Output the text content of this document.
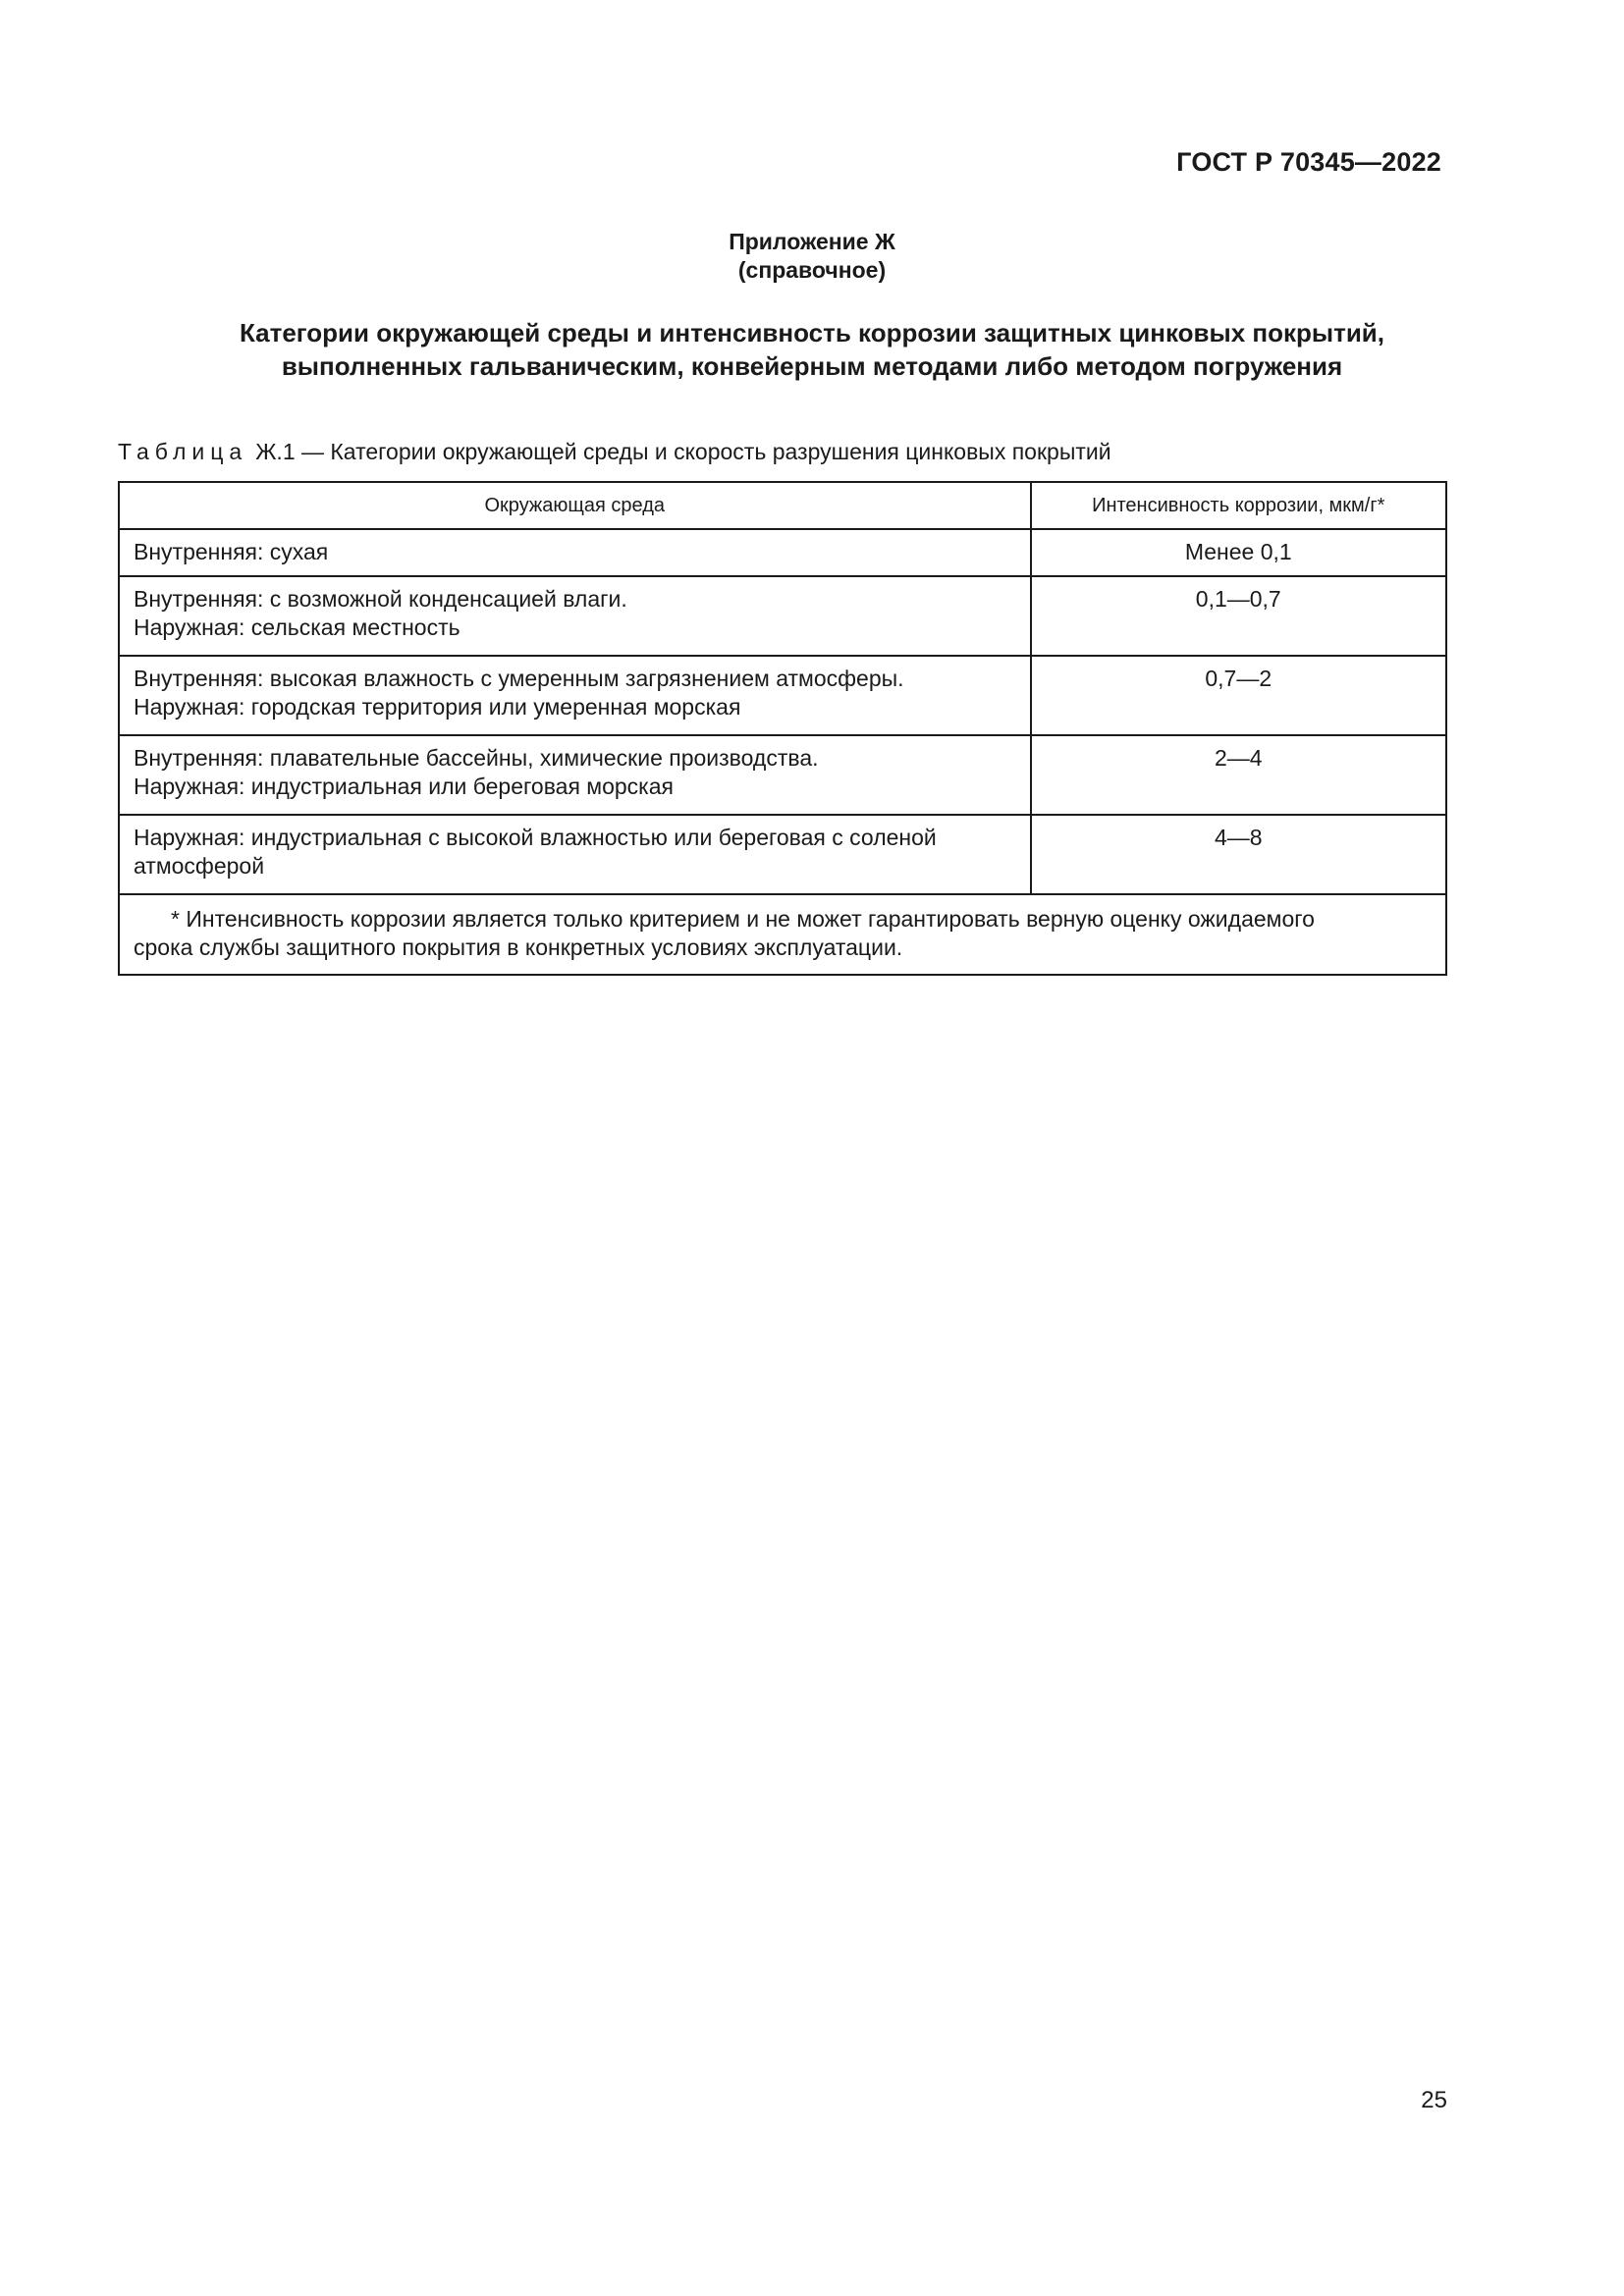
ГОСТ Р 70345—2022
Приложение Ж
(справочное)
Категории окружающей среды и интенсивность коррозии защитных цинковых покрытий,
выполненных гальваническим, конвейерным методами либо методом погружения
Таблица Ж.1 — Категории окружающей среды и скорость разрушения цинковых покрытий
Окружающая среда	Интенсивность коррозии, мкм/г*

Внутренняя: сухая	Менее 0,1

Внутренняя: с возможной конденсацией влаги.
Наружная: сельская местность	0,1—0,7

Внутренняя: высокая влажность с умеренным загрязнением атмосферы.
Наружная: городская территория или умеренная морская	0,7—2

Внутренняя: плавательные бассейны, химические производства.
Наружная: индустриальная или береговая морская	2—4

Наружная: индустриальная с высокой влажностью или береговая с соленой
атмосферой	4—8

* Интенсивность коррозии является только критерием и не может гарантировать верную оценку ожидаемого
срока службы защитного покрытия в конкретных условиях эксплуатации.	
25
